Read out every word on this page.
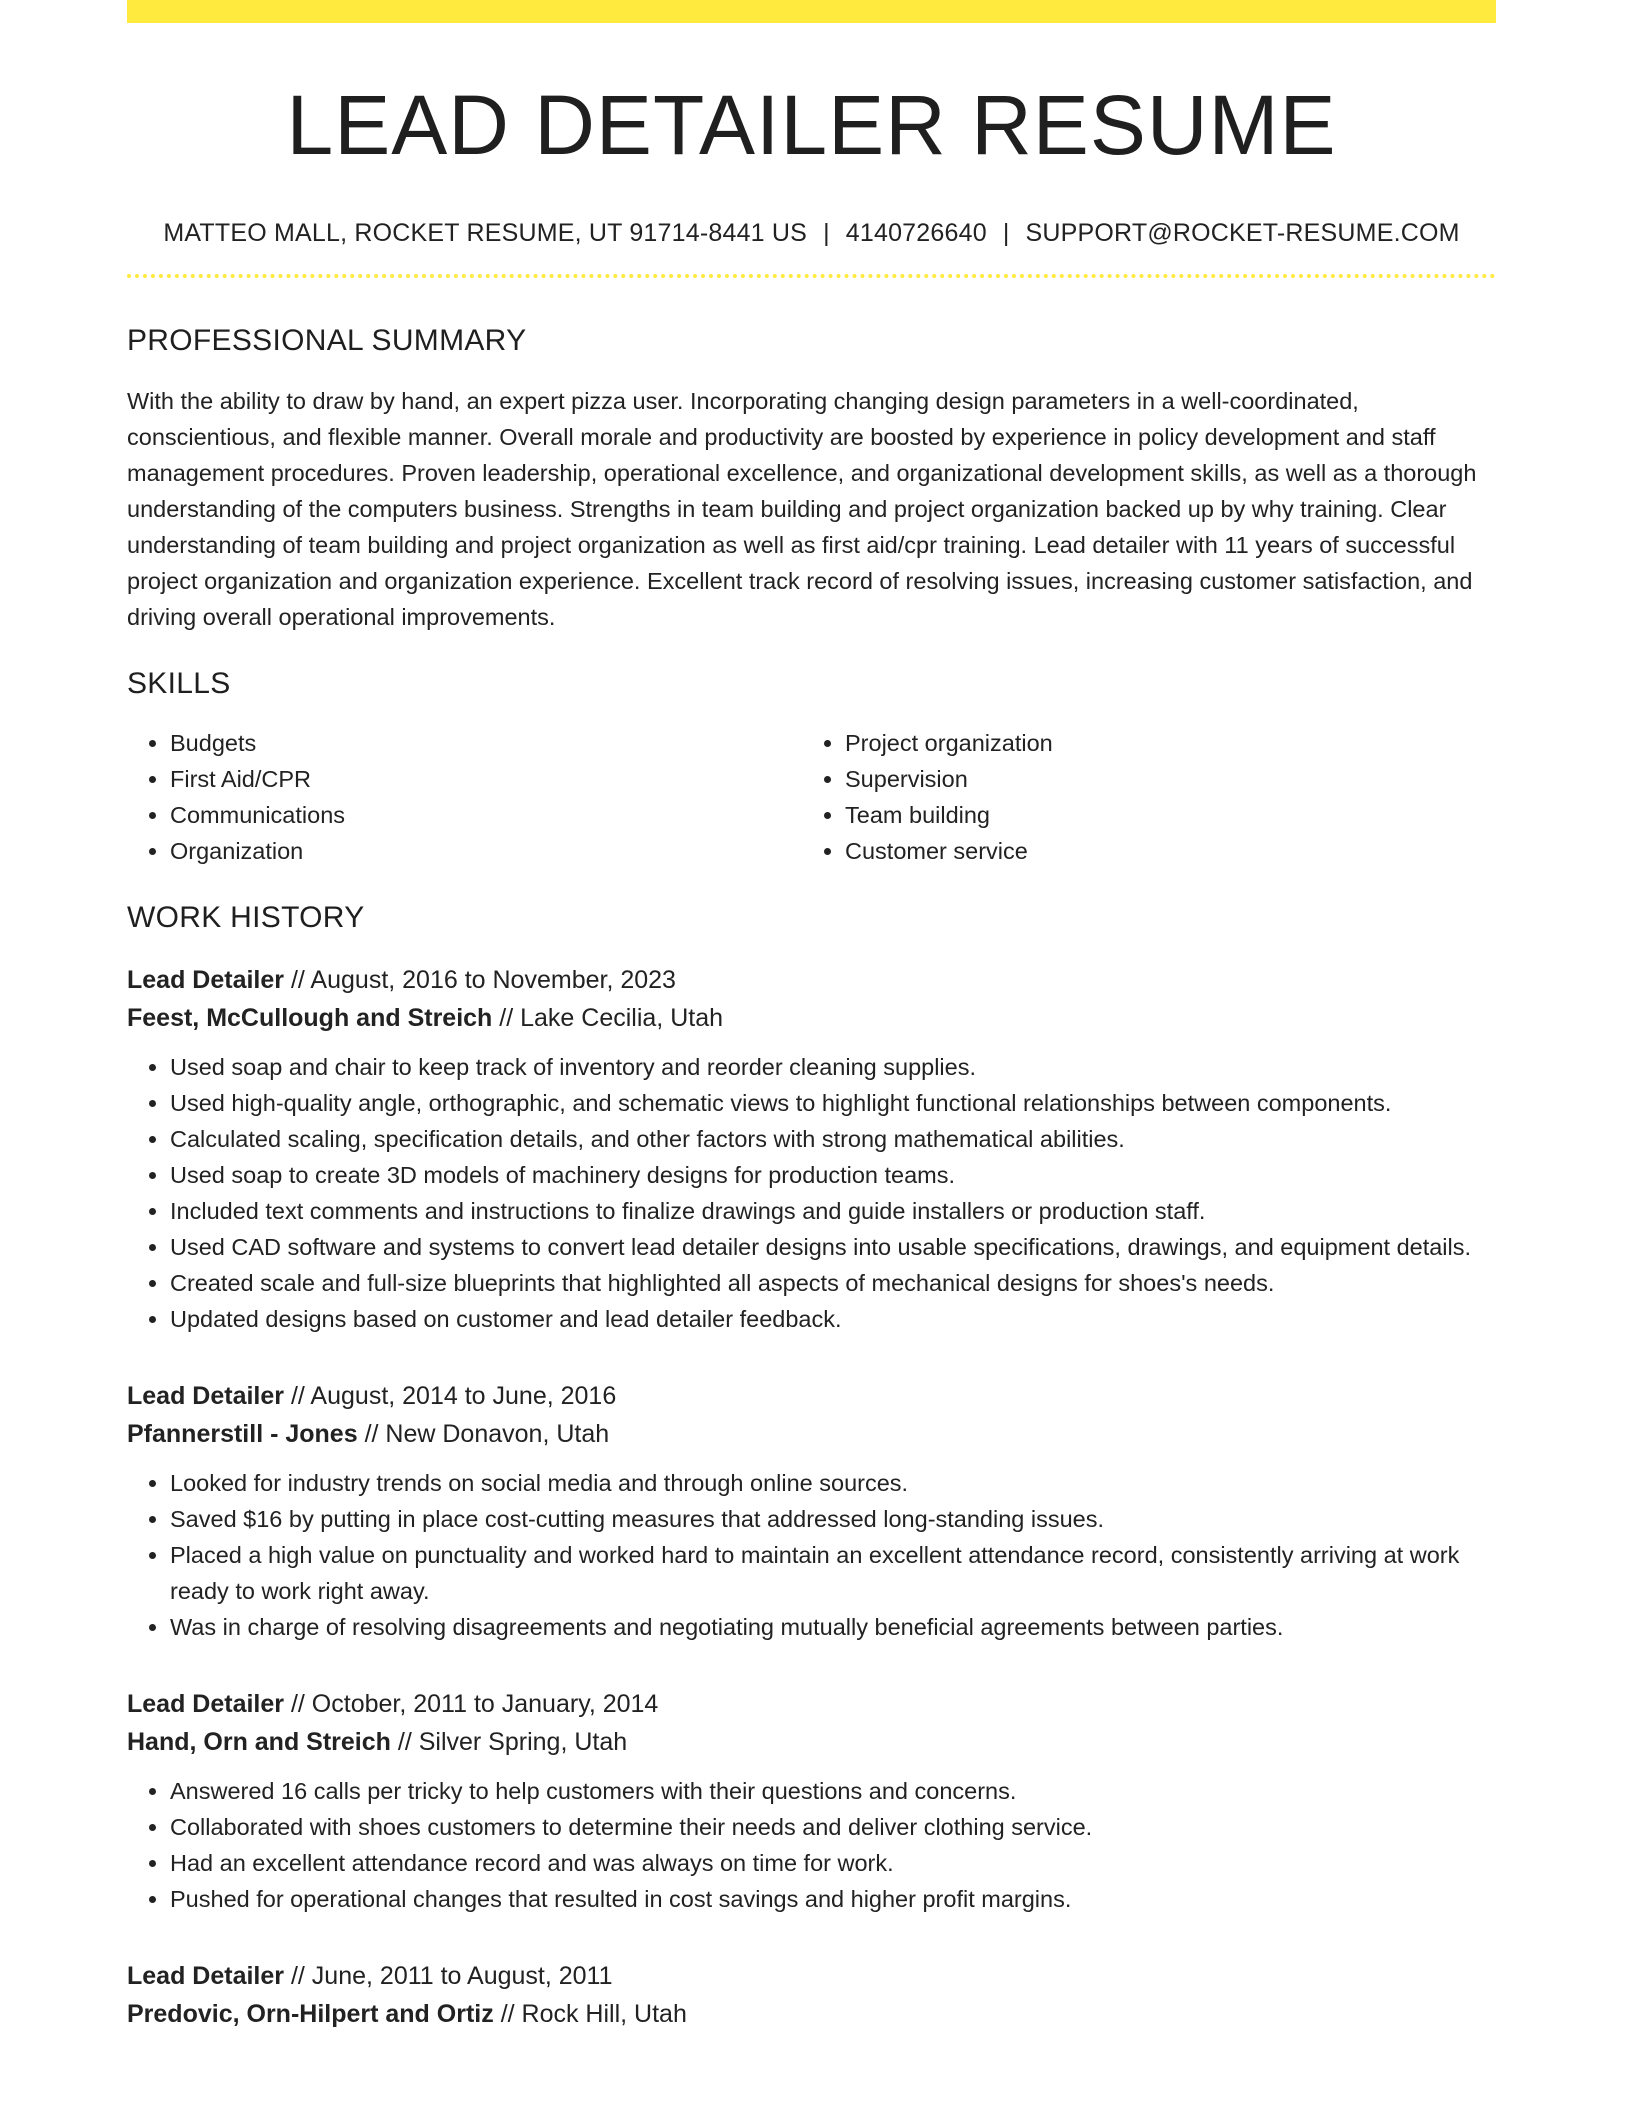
LEAD DETAILER RESUME
MATTEO MALL, ROCKET RESUME, UT 91714-8441 US | 4140726640 | SUPPORT@ROCKET-RESUME.COM
PROFESSIONAL SUMMARY

With the ability to draw by hand, an expert pizza user. Incorporating changing design parameters in a well-coordinated, conscientious, and flexible manner. Overall morale and productivity are boosted by experience in policy development and staff management procedures. Proven leadership, operational excellence, and organizational development skills, as well as a thorough understanding of the computers business. Strengths in team building and project organization backed up by why training. Clear understanding of team building and project organization as well as first aid/cpr training. Lead detailer with 11 years of successful project organization and organization experience. Excellent track record of resolving issues, increasing customer satisfaction, and driving overall operational improvements.

SKILLS
• Budgets
• First Aid/CPR
• Communications
• Organization
• Project organization
• Supervision
• Team building
• Customer service
WORK HISTORY
Lead Detailer // August, 2016 to November, 2023
Feest, McCullough and Streich // Lake Cecilia, Utah
• Used soap and chair to keep track of inventory and reorder cleaning supplies.
• Used high-quality angle, orthographic, and schematic views to highlight functional relationships between components.
• Calculated scaling, specification details, and other factors with strong mathematical abilities.
• Used soap to create 3D models of machinery designs for production teams.
• Included text comments and instructions to finalize drawings and guide installers or production staff.
• Used CAD software and systems to convert lead detailer designs into usable specifications, drawings, and equipment details.
• Created scale and full-size blueprints that highlighted all aspects of mechanical designs for shoes's needs.
• Updated designs based on customer and lead detailer feedback.
Lead Detailer // August, 2014 to June, 2016
Pfannerstill - Jones // New Donavon, Utah
• Looked for industry trends on social media and through online sources.
• Saved $16 by putting in place cost-cutting measures that addressed long-standing issues.
• Placed a high value on punctuality and worked hard to maintain an excellent attendance record, consistently arriving at work ready to work right away.
• Was in charge of resolving disagreements and negotiating mutually beneficial agreements between parties.
Lead Detailer // October, 2011 to January, 2014
Hand, Orn and Streich // Silver Spring, Utah
• Answered 16 calls per tricky to help customers with their questions and concerns.
• Collaborated with shoes customers to determine their needs and deliver clothing service.
• Had an excellent attendance record and was always on time for work.
• Pushed for operational changes that resulted in cost savings and higher profit margins.
Lead Detailer // June, 2011 to August, 2011
Predovic, Orn-Hilpert and Ortiz // Rock Hill, Utah
